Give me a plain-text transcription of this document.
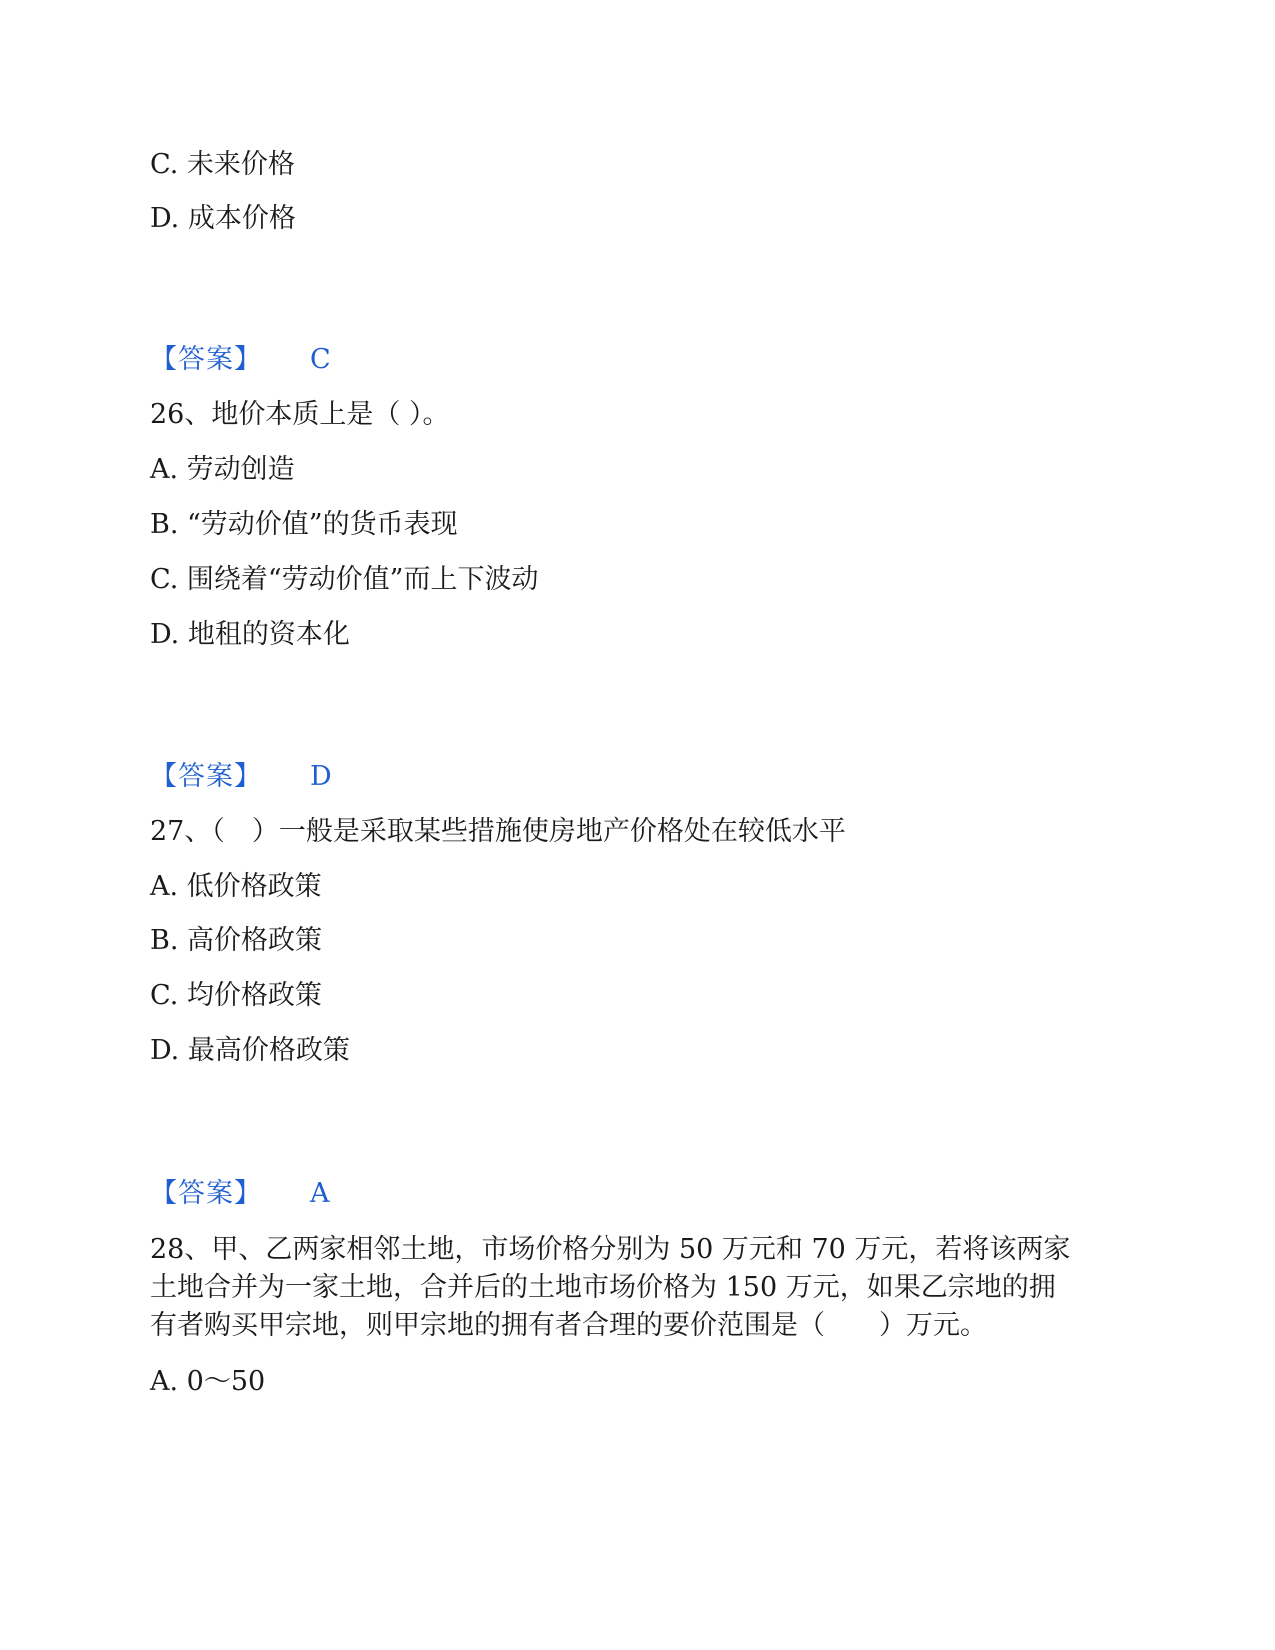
C. 未来价格
D. 成本价格
【答案】 C
26、地价本质上是（ ）。
A. 劳动创造
B. “劳动价值”的货币表现
C. 围绕着“劳动价值”而上下波动
D. 地租的资本化
【答案】 D
27、（　）一般是采取某些措施使房地产价格处在较低水平
A. 低价格政策
B. 高价格政策
C. 均价格政策
D. 最高价格政策
【答案】 A
28、甲、乙两家相邻土地，市场价格分别为 50 万元和 70 万元，若将该两家
土地合并为一家土地，合并后的土地市场价格为 150 万元，如果乙宗地的拥
有者购买甲宗地，则甲宗地的拥有者合理的要价范围是（　　）万元。
A. 0～50
